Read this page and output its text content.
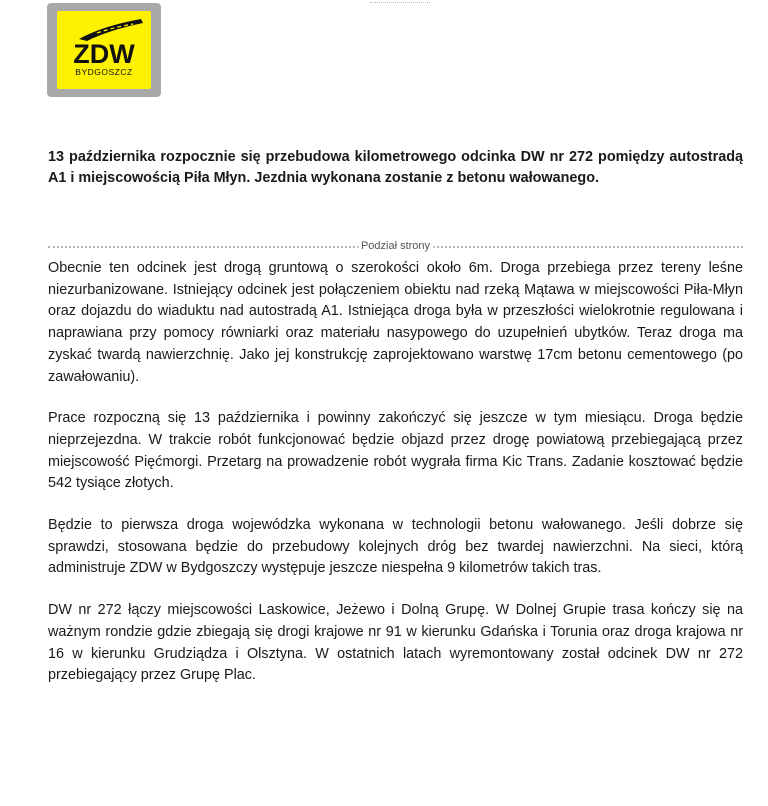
ZDW
BYDGOSZCZ

13 października rozpocznie się przebudowa kilometrowego odcinka DW nr 272 pomiędzy autostradą A1 i miejscowością Piła Młyn. Jezdnia wykonana zostanie z betonu wałowanego.

Podział strony

Obecnie ten odcinek jest drogą gruntową o szerokości około 6m. Droga przebiega przez tereny leśne niezurbanizowane. Istniejący odcinek jest połączeniem obiektu nad rzeką Mątawa w miejscowości Piła-Młyn oraz dojazdu do wiaduktu nad autostradą A1. Istniejąca droga była w przeszłości wielokrotnie regulowana i naprawiana przy pomocy równiarki oraz materiału nasypowego do uzupełnień ubytków. Teraz droga ma zyskać twardą nawierzchnię. Jako jej konstrukcję zaprojektowano warstwę 17cm betonu cementowego (po zawałowaniu).

Prace rozpoczną się 13 października i powinny zakończyć się jeszcze w tym miesiącu. Droga będzie nieprzejezdna. W trakcie robót funkcjonować będzie objazd przez drogę powiatową przebiegającą przez miejscowość Pięćmorgi. Przetarg na prowadzenie robót wygrała firma Kic Trans. Zadanie kosztować będzie 542 tysiące złotych.

Będzie to pierwsza droga wojewódzka wykonana w technologii betonu wałowanego. Jeśli dobrze się sprawdzi, stosowana będzie do przebudowy kolejnych dróg bez twardej nawierzchni. Na sieci, którą administruje ZDW w Bydgoszczy występuje jeszcze niespełna 9 kilometrów takich tras.

DW nr 272 łączy miejscowości Laskowice, Jeżewo i Dolną Grupę. W Dolnej Grupie trasa kończy się na ważnym rondzie gdzie zbiegają się drogi krajowe nr 91 w kierunku Gdańska i Torunia oraz droga krajowa nr 16 w kierunku Grudziądza i Olsztyna. W ostatnich latach wyremontowany został odcinek DW nr 272 przebiegający przez Grupę Plac.
